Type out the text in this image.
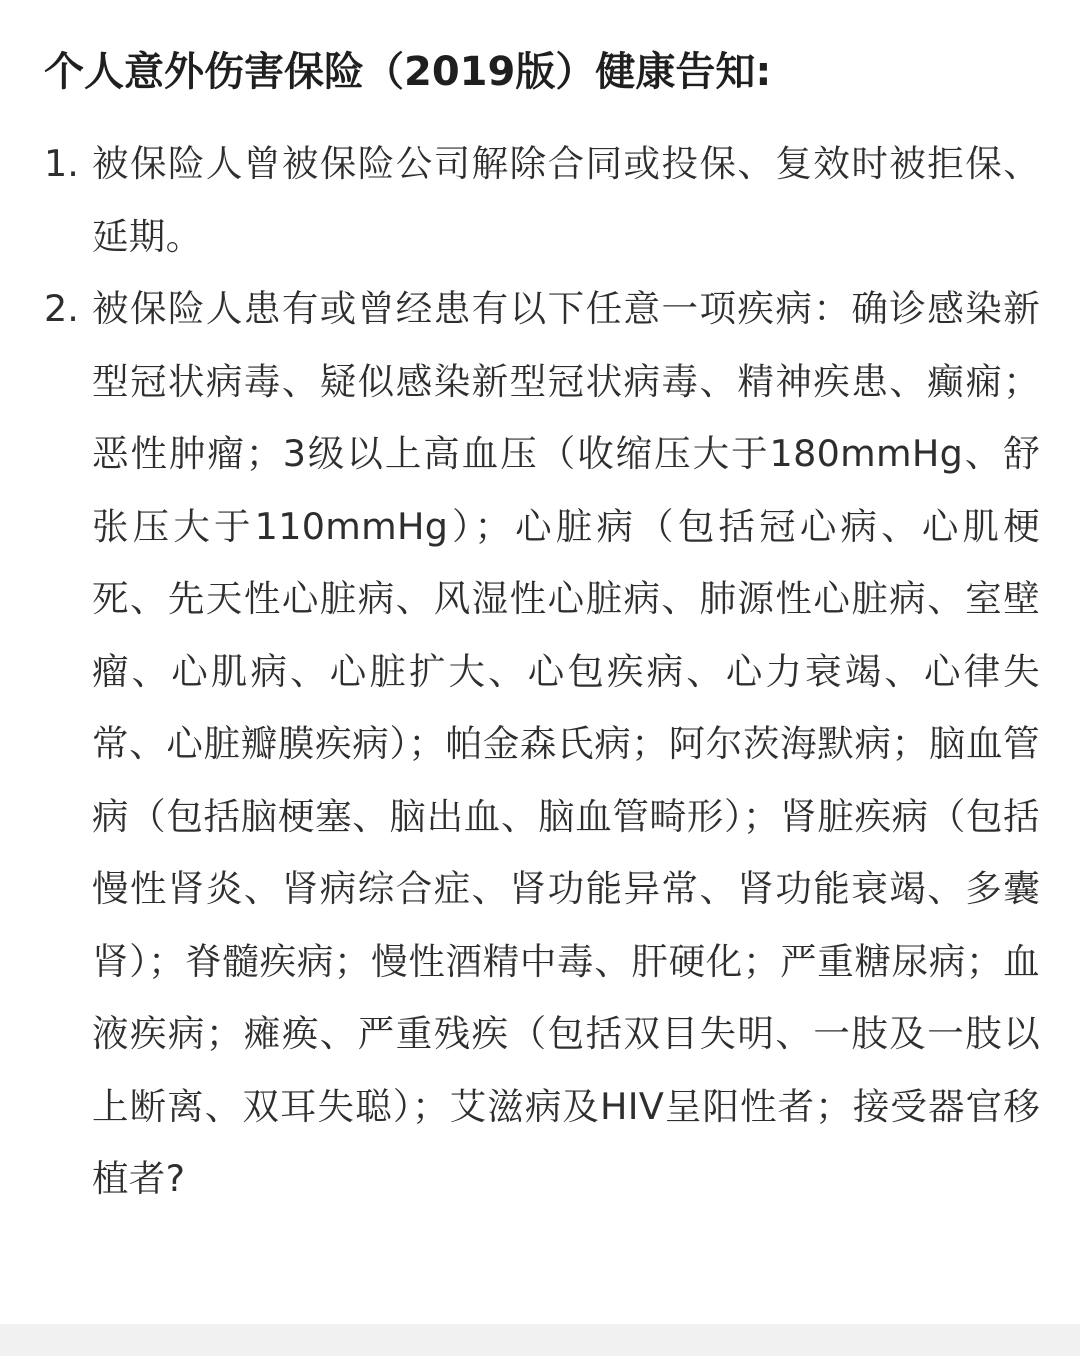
个人意外伤害保险（2019版）健康告知:
1. 被保险人曾被保险公司解除合同或投保、复效时被拒保、延期。
2. 被保险人患有或曾经患有以下任意一项疾病：确诊感染新型冠状病毒、疑似感染新型冠状病毒、精神疾患、癫痫；恶性肿瘤；3级以上高血压（收缩压大于180mmHg、舒张压大于110mmHg）；心脏病（包括冠心病、心肌梗死、先天性心脏病、风湿性心脏病、肺源性心脏病、室壁瘤、心肌病、心脏扩大、心包疾病、心力衰竭、心律失常、心脏瓣膜疾病）；帕金森氏病；阿尔茨海默病；脑血管病（包括脑梗塞、脑出血、脑血管畸形）；肾脏疾病（包括慢性肾炎、肾病综合症、肾功能异常、肾功能衰竭、多囊肾）；脊髓疾病；慢性酒精中毒、肝硬化；严重糖尿病；血液疾病；瘫痪、严重残疾（包括双目失明、一肢及一肢以上断离、双耳失聪）；艾滋病及HIV呈阳性者；接受器官移植者?
